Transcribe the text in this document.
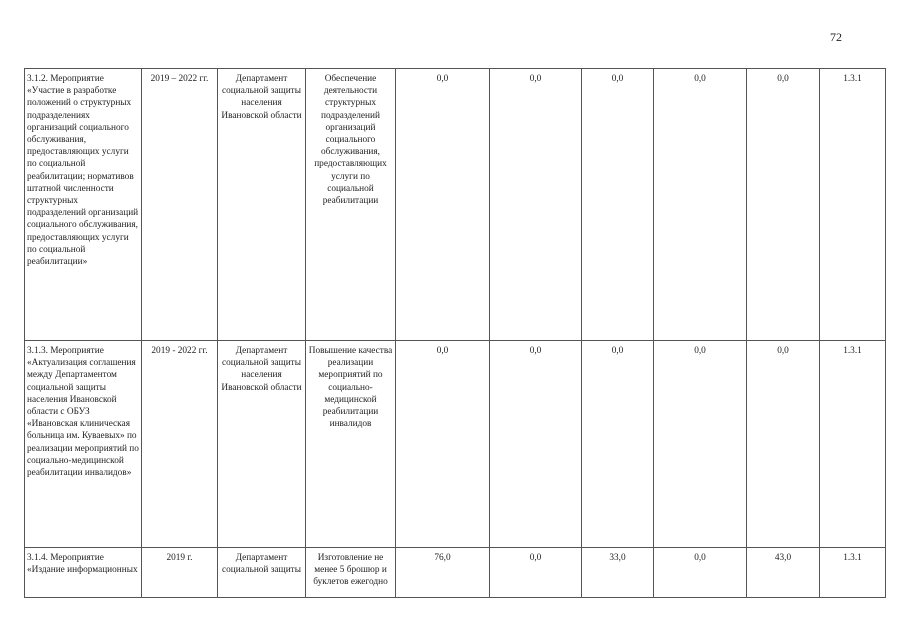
72
3.1.2. Мероприятие «Участие в разработке положений о структурных подразделениях организаций социального обслуживания, предоставляющих услуги по социальной реабилитации; нормативов штатной численности структурных подразделений организаций социального обслуживания, предоставляющих услуги по социальной реабилитации»	2019 – 2022 гг.	Департамент социальной защиты населения Ивановской области	Обеспечение деятельности структурных подразделений организаций социального обслуживания, предоставляющих услуги по социальной реабилитации	0,0	0,0	0,0	0,0	0,0	1.3.1
3.1.3. Мероприятие «Актуализация соглашения между Департаментом социальной защиты населения Ивановской области с ОБУЗ «Ивановская клиническая больница им. Куваевых» по реализации мероприятий по социально-медицинской реабилитации инвалидов»	2019 - 2022 гг.	Департамент социальной защиты населения Ивановской области	Повышение качества реализации мероприятий по социально-медицинской реабилитации инвалидов	0,0	0,0	0,0	0,0	0,0	1.3.1
3.1.4. Мероприятие «Издание информационных	2019 г.	Департамент социальной защиты	Изготовление не менее 5 брошюр и буклетов ежегодно	76,0	0,0	33,0	0,0	43,0	1.3.1
